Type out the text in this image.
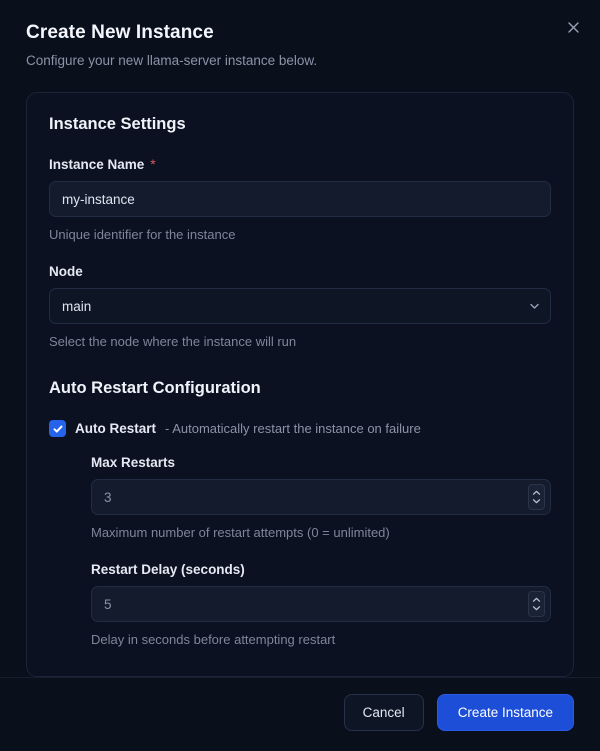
Create New Instance

Configure your new llama-server instance below.

Instance Settings
Instance Name *
my-instance

Unique identifier for the instance

Node
main

Select the node where the instance will run

Auto Restart Configuration
Auto Restart - Automatically restart the instance on failure
Max Restarts
3

Maximum number of restart attempts (0 = unlimited)

Restart Delay (seconds)
5

Delay in seconds before attempting restart

Cancel	Create Instance
